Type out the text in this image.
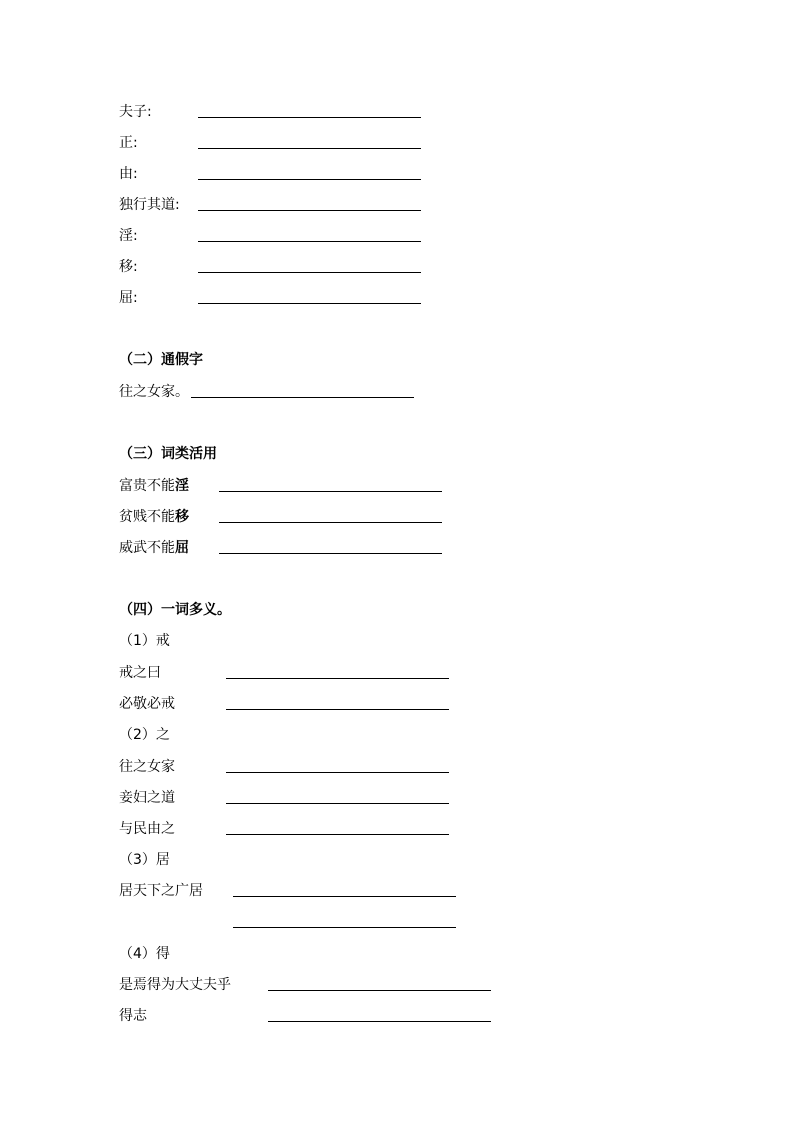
夫子:
正:
由:
独行其道:
淫:
移:
屈:
（二）通假字
往之女家。
（三）词类活用
富贵不能淫
贫贱不能移
威武不能屈
（四）一词多义。
（1）戒
戒之曰
必敬必戒
（2）之
往之女家
妾妇之道
与民由之
（3）居
居天下之广居
（4）得
是焉得为大丈夫乎
得志
